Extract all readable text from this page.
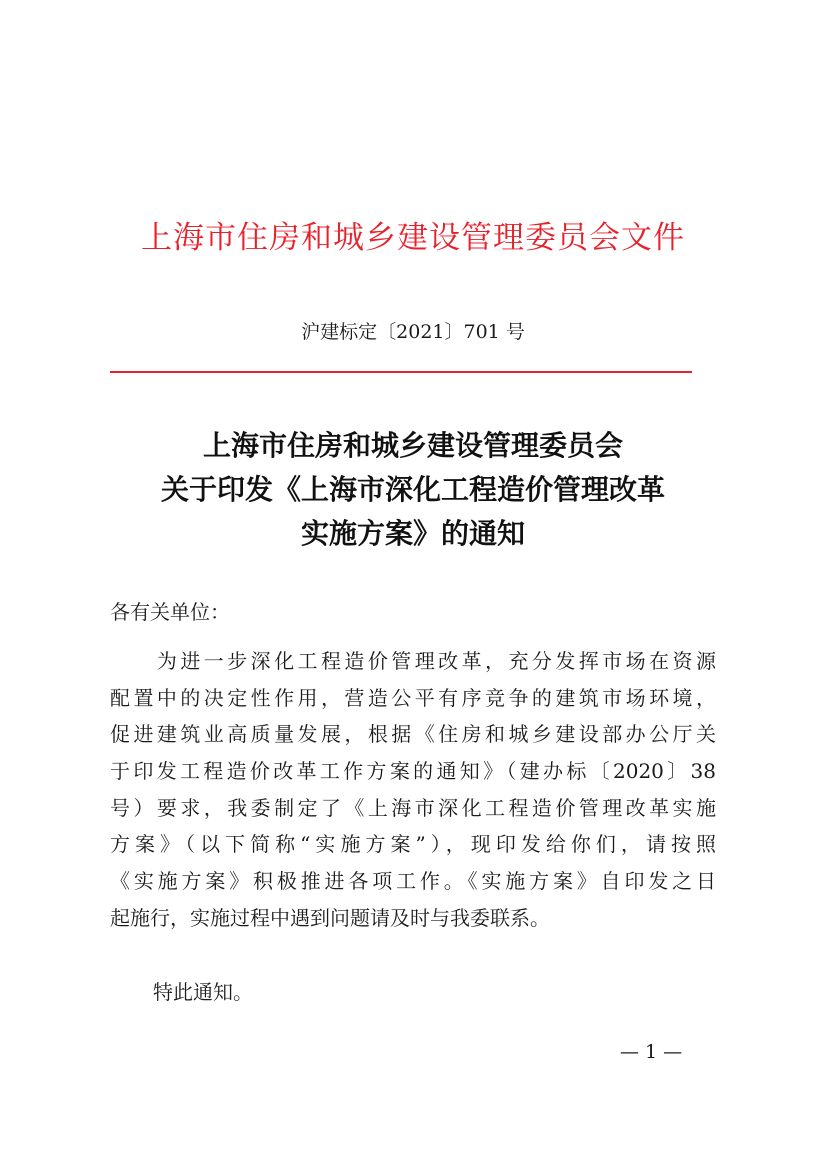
上海市住房和城乡建设管理委员会文件
沪建标定〔2021〕701 号
上海市住房和城乡建设管理委员会
关于印发《上海市深化工程造价管理改革
实施方案》的通知
各有关单位：
　　为进一步深化工程造价管理改革，充分发挥市场在资源
配置中的决定性作用，营造公平有序竞争的建筑市场环境，
促进建筑业高质量发展，根据《住房和城乡建设部办公厅关
于印发工程造价改革工作方案的通知》（建办标〔2020〕38
号）要求，我委制定了《上海市深化工程造价管理改革实施
方案》（以下简称“实施方案”），现印发给你们，请按照
《实施方案》积极推进各项工作。《实施方案》自印发之日
起施行，实施过程中遇到问题请及时与我委联系。
特此通知。
— 1 —
